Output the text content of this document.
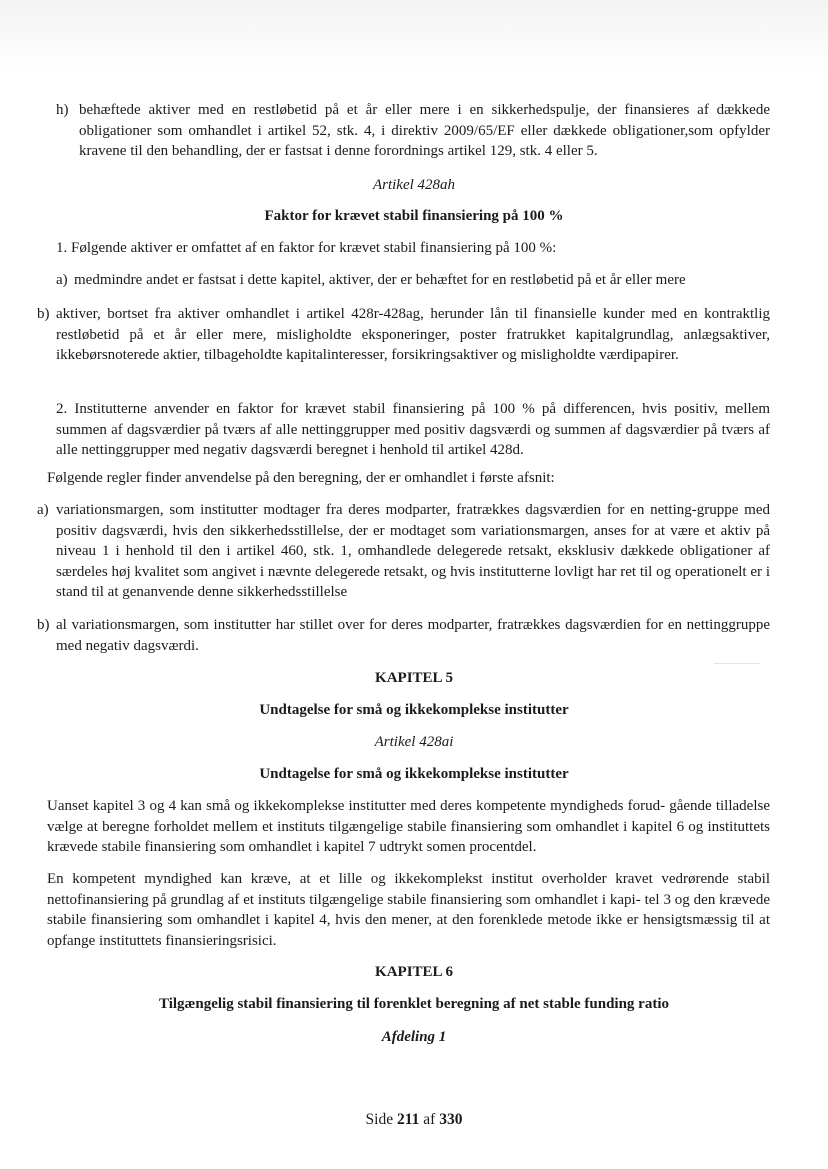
h) behæftede aktiver med en restløbetid på et år eller mere i en sikkerhedspulje, der finansieres af dækkede obligationer som omhandlet i artikel 52, stk. 4, i direktiv 2009/65/EF eller dækkede obligationer,som opfylder kravene til den behandling, der er fastsat i denne forordnings artikel 129, stk. 4 eller 5.

Artikel 428ah

Faktor for krævet stabil finansiering på 100 %

1. Følgende aktiver er omfattet af en faktor for krævet stabil finansiering på 100 %:

a) medmindre andet er fastsat i dette kapitel, aktiver, der er behæftet for en restløbetid på et år eller mere
b) aktiver, bortset fra aktiver omhandlet i artikel 428r-428ag, herunder lån til finansielle kunder med en kontraktlig restløbetid på et år eller mere, misligholdte eksponeringer, poster fratrukket kapitalgrundlag, anlægsaktiver, ikkebørsnoterede aktier, tilbageholdte kapitalinteresser, forsikringsaktiver og misligholdte værdipapirer.

2. Institutterne anvender en faktor for krævet stabil finansiering på 100 % på differencen, hvis positiv, mellem summen af dagsværdier på tværs af alle nettinggrupper med positiv dagsværdi og summen af dagsværdier på tværs af alle nettinggrupper med negativ dagsværdi beregnet i henhold til artikel 428d.

Følgende regler finder anvendelse på den beregning, der er omhandlet i første afsnit:

a) variationsmargen, som institutter modtager fra deres modparter, fratrækkes dagsværdien for en netting-gruppe med positiv dagsværdi, hvis den sikkerhedsstillelse, der er modtaget som variationsmargen, anses for at være et aktiv på niveau 1 i henhold til den i artikel 460, stk. 1, omhandlede delegerede retsakt, eksklusiv dækkede obligationer af særdeles høj kvalitet som angivet i nævnte delegerede retsakt, og hvis institutterne lovligt har ret til og operationelt er i stand til at genanvende denne sikkerhedsstillelse
b) al variationsmargen, som institutter har stillet over for deres modparter, fratrækkes dagsværdien for en nettinggruppe med negativ dagsværdi.

KAPITEL 5

Undtagelse for små og ikkekomplekse institutter

Artikel 428ai

Undtagelse for små og ikkekomplekse institutter

Uanset kapitel 3 og 4 kan små og ikkekomplekse institutter med deres kompetente myndigheds forud- gående tilladelse vælge at beregne forholdet mellem et instituts tilgængelige stabile finansiering som omhandlet i kapitel 6 og instituttets krævede stabile finansiering som omhandlet i kapitel 7 udtrykt somen procentdel.

En kompetent myndighed kan kræve, at et lille og ikkekomplekst institut overholder kravet vedrørende stabil nettofinansiering på grundlag af et instituts tilgængelige stabile finansiering som omhandlet i kapi- tel 3 og den krævede stabile finansiering som omhandlet i kapitel 4, hvis den mener, at den forenklede metode ikke er hensigtsmæssig til at opfange instituttets finansieringsrisici.

KAPITEL 6

Tilgængelig stabil finansiering til forenklet beregning af net stable funding ratio

Afdeling 1

Side 211 af 330
